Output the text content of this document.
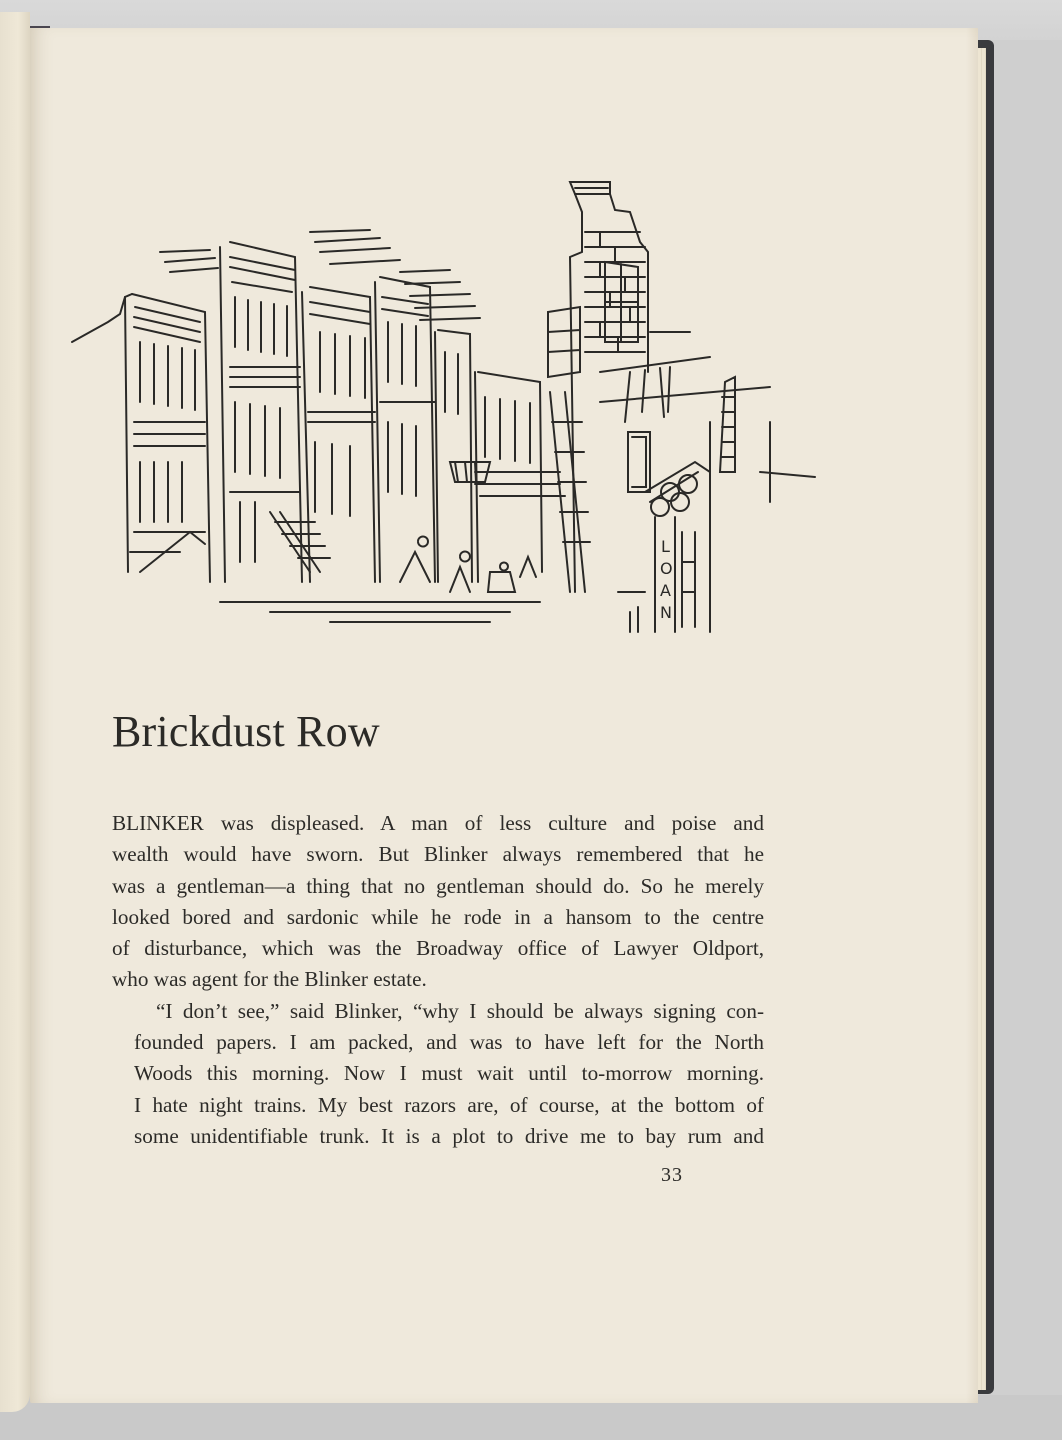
L
O
A
N
Brickdust Row

BLINKER was displeased. A man of less culture and poise and
wealth would have sworn. But Blinker always remembered that he
was a gentleman—a thing that no gentleman should do. So he merely
looked bored and sardonic while he rode in a hansom to the centre
of disturbance, which was the Broadway office of Lawyer Oldport,
who was agent for the Blinker estate.

“I don’t see,” said Blinker, “why I should be always signing con-
founded papers. I am packed, and was to have left for the North
Woods this morning. Now I must wait until to-morrow morning.
I hate night trains. My best razors are, of course, at the bottom of
some unidentifiable trunk. It is a plot to drive me to bay rum and

33
